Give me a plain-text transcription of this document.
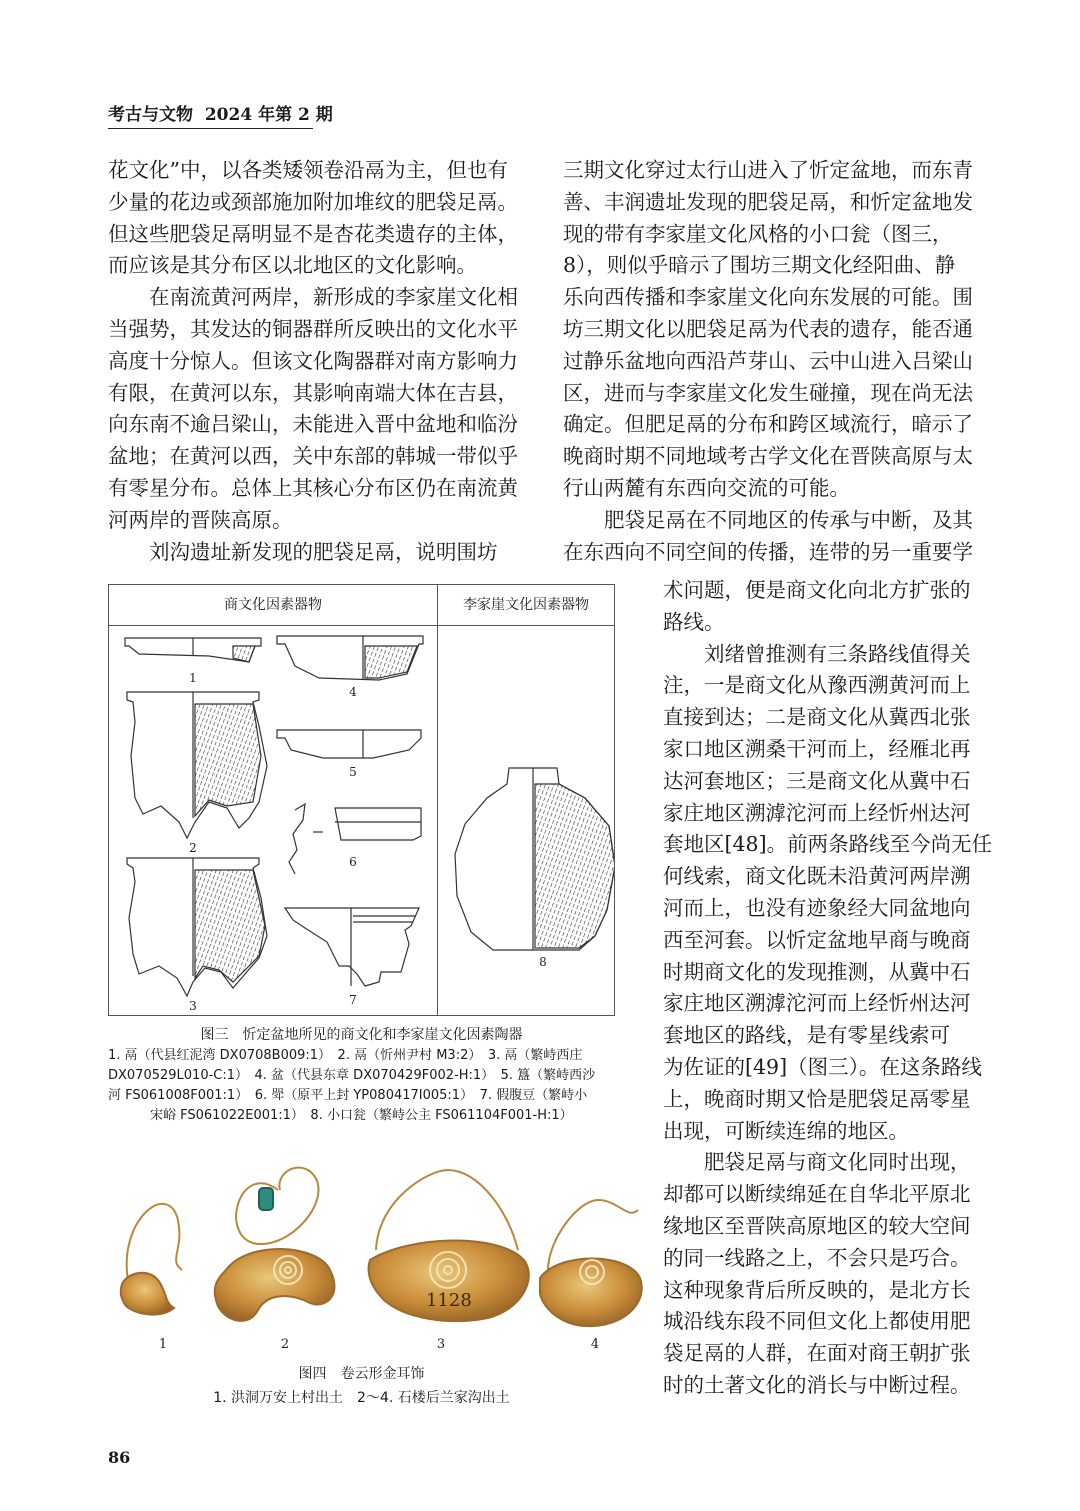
考古与文物 2024 年第 2 期
花文化”中，以各类矮领卷沿鬲为主，但也有
少量的花边或颈部施加附加堆纹的肥袋足鬲。
但这些肥袋足鬲明显不是杏花类遗存的主体，
而应该是其分布区以北地区的文化影响。
　　在南流黄河两岸，新形成的李家崖文化相
当强势，其发达的铜器群所反映出的文化水平
高度十分惊人。但该文化陶器群对南方影响力
有限，在黄河以东，其影响南端大体在吉县，
向东南不逾吕梁山，未能进入晋中盆地和临汾
盆地；在黄河以西，关中东部的韩城一带似乎
有零星分布。总体上其核心分布区仍在南流黄
河两岸的晋陕高原。
　　刘沟遗址新发现的肥袋足鬲，说明围坊
三期文化穿过太行山进入了忻定盆地，而东青
善、丰润遗址发现的肥袋足鬲，和忻定盆地发
现的带有李家崖文化风格的小口瓮（图三，
8），则似乎暗示了围坊三期文化经阳曲、静
乐向西传播和李家崖文化向东发展的可能。围
坊三期文化以肥袋足鬲为代表的遗存，能否通
过静乐盆地向西沿芦芽山、云中山进入吕梁山
区，进而与李家崖文化发生碰撞，现在尚无法
确定。但肥足鬲的分布和跨区域流行，暗示了
晚商时期不同地域考古学文化在晋陕高原与太
行山两麓有东西向交流的可能。
　　肥袋足鬲在不同地区的传承与中断，及其
在东西向不同空间的传播，连带的另一重要学
术问题，便是商文化向北方扩张的
路线。
　　刘绪曾推测有三条路线值得关
注，一是商文化从豫西溯黄河而上
直接到达；二是商文化从冀西北张
家口地区溯桑干河而上，经雁北再
达河套地区；三是商文化从冀中石
家庄地区溯滹沱河而上经忻州达河
套地区[48]。前两条路线至今尚无任
何线索，商文化既未沿黄河两岸溯
河而上，也没有迹象经大同盆地向
西至河套。以忻定盆地早商与晚商
时期商文化的发现推测，从冀中石
家庄地区溯滹沱河而上经忻州达河
套地区的路线，是有零星线索可
为佐证的[49]（图三）。在这条路线
上，晚商时期又恰是肥袋足鬲零星
出现，可断续连绵的地区。
　　肥袋足鬲与商文化同时出现，
却都可以断续绵延在自华北平原北
缘地区至晋陕高原地区的较大空间
的同一线路之上，不会只是巧合。
这种现象背后所反映的，是北方长
城沿线东段不同但文化上都使用肥
袋足鬲的人群，在面对商王朝扩张
时的土著文化的消长与中断过程。
商文化因素器物	李家崖文化因素器物
1
2
3
4
5
6
7
8
图三　忻定盆地所见的商文化和李家崖文化因素陶器
1. 鬲（代县红泥湾 DX0708B009:1）　2. 鬲（忻州尹村 M3:2）　3. 鬲（繁峙西庄
DX070529L010-C:1）　4. 盆（代县东章 DX070429F002-H:1）　5. 簋（繁峙西沙
河 FS061008F001:1）　6. 斝（原平上封 YP080417I005:1）　7. 假腹豆（繁峙小
宋峪 FS061022E001:1）　8. 小口瓮（繁峙公主 FS061104F001-H:1）
1128
1	2	3	4
图四　卷云形金耳饰
1. 洪洞万安上村出土　2～4. 石楼后兰家沟出土
86
